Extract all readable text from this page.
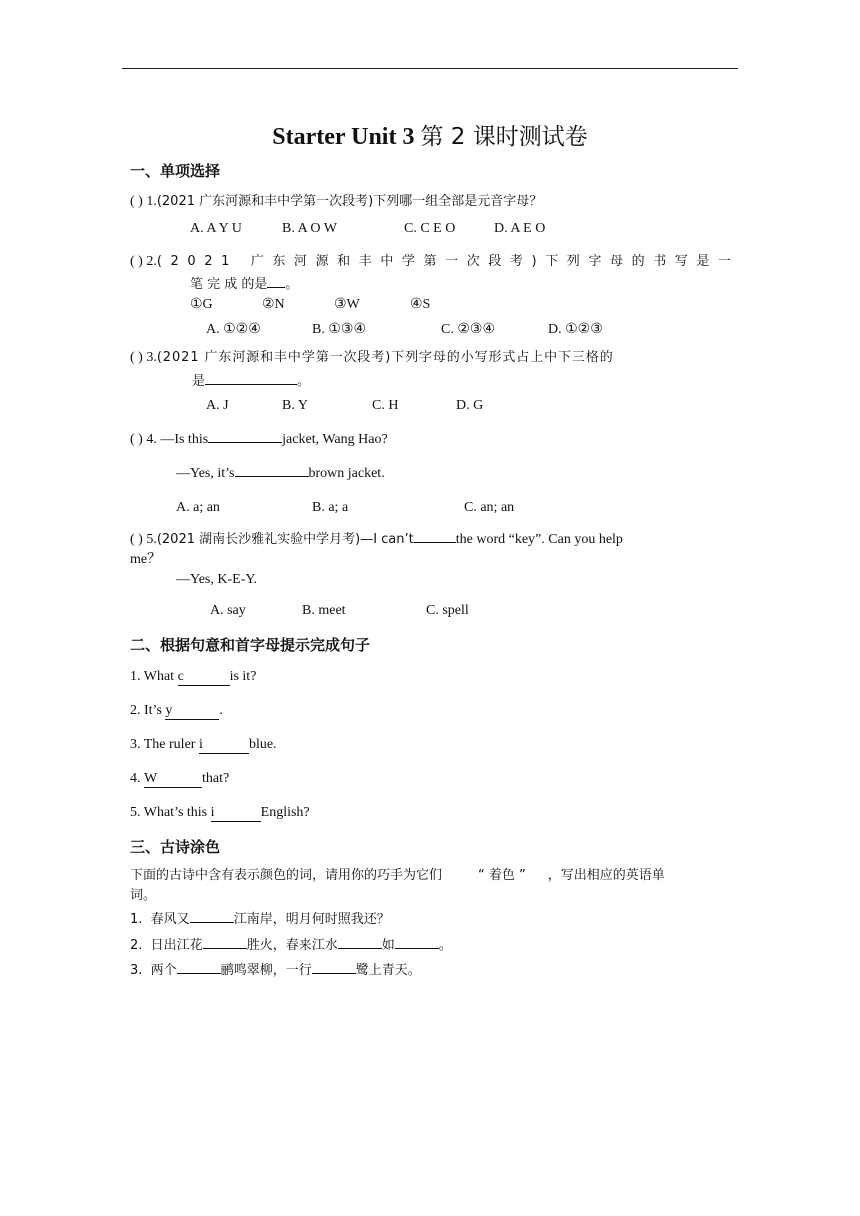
Starter Unit 3 第 2 课时测试卷
一、单项选择
( ) 1.(2021 广东河源和丰中学第一次段考)下列哪一组全部是元音字母？
A. A Y U	B. A O W	C. C E O	D. A E O
( ) 2.(2021 广东河源和丰中学第一次段考)下列字母的书写是一
笔 完 成 的是 。
①G	②N	③W	④S
A. ①②④	B. ①③④	C. ②③④	D. ①②③
( ) 3.(2021 广东河源和丰中学第一次段考)下列字母的小写形式占上中下三格的
是	。
A. J	B. Y	C. H	D. G
( ) 4. —Is this	jacket, Wang Hao?
—Yes, it’s	brown jacket.
A. a; an	B. a; a	C. an; an
( ) 5.(2021 湖南长沙雅礼实验中学月考)—I can’t	the word “key”. Can you help
me？
—Yes, K-E-Y.
A. say	B. meet	C. spell
二、根据句意和首字母提示完成句子
1. What c	is it?
2. It’s y	.
3. The ruler i	blue.
4. W	that?
5. What’s this i	English?
三、古诗涂色
下面的古诗中含有表示颜色的词，请用你的巧手为它们	“ 着色 ” ，写出相应的英语单
词。
1. 春风又	江南岸，明月何时照我还？
2. 日出江花	胜火，春来江水	如	。
3. 两个	鹂鸣翠柳，一行	鹭上青天。
